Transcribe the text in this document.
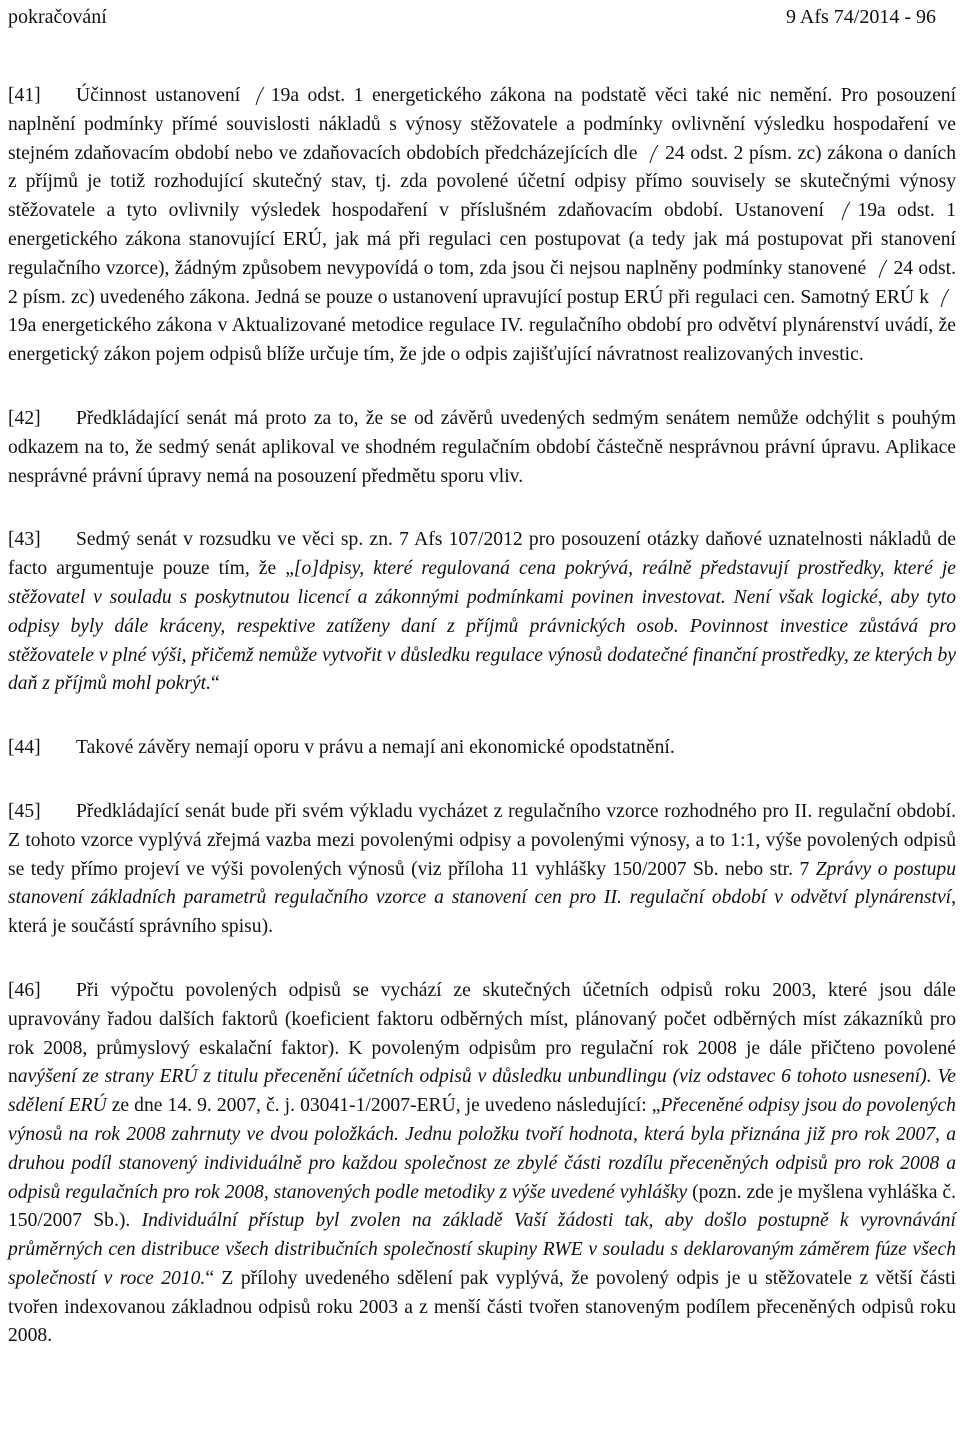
pokračování	9 Afs 74/2014 - 96

[41] Účinnost ustanovení 19a odst. 1 energetického zákona na podstatě věci také nic nemění. Pro posouzení naplnění podmínky přímé souvislosti nákladů s výnosy stěžovatele a podmínky ovlivnění výsledku hospodaření ve stejném zdaňovacím období nebo ve zdaňovacích obdobích předcházejících dle 24 odst. 2 písm. zc) zákona o daních z příjmů je totiž rozhodující skutečný stav, tj. zda povolené účetní odpisy přímo souvisely se skutečnými výnosy stěžovatele a tyto ovlivnily výsledek hospodaření v příslušném zdaňovacím období. Ustanovení 19a odst. 1 energetického zákona stanovující ERÚ, jak má při regulaci cen postupovat (a tedy jak má postupovat při stanovení regulačního vzorce), žádným způsobem nevypovídá o tom, zda jsou či nejsou naplněny podmínky stanovené 24 odst. 2 písm. zc) uvedeného zákona. Jedná se pouze o ustanovení upravující postup ERÚ při regulaci cen. Samotný ERÚ k
19a energetického zákona v Aktualizované metodice regulace IV. regulačního období pro odvětví plynárenství uvádí, že energetický zákon pojem odpisů blíže určuje tím, že jde o odpis zajišťující návratnost realizovaných investic.

[42] Předkládající senát má proto za to, že se od závěrů uvedených sedmým senátem nemůže odchýlit s pouhým odkazem na to, že sedmý senát aplikoval ve shodném regulačním období částečně nesprávnou právní úpravu. Aplikace nesprávné právní úpravy nemá na posouzení předmětu sporu vliv.

[43] Sedmý senát v rozsudku ve věci sp. zn. 7 Afs 107/2012 pro posouzení otázky daňové uznatelnosti nákladů de facto argumentuje pouze tím, že „[o]dpisy, které regulovaná cena pokrývá, reálně představují prostředky, které je stěžovatel v souladu s poskytnutou licencí a zákonnými podmínkami povinen investovat. Není však logické, aby tyto odpisy byly dále kráceny, respektive zatíženy daní z příjmů právnických osob. Povinnost investice zůstává pro stěžovatele v plné výši, přičemž nemůže vytvořit v důsledku regulace výnosů dodatečné finanční prostředky, ze kterých by daň z příjmů mohl pokrýt.“

[44] Takové závěry nemají oporu v právu a nemají ani ekonomické opodstatnění.

[45] Předkládající senát bude při svém výkladu vycházet z regulačního vzorce rozhodného pro II. regulační období. Z tohoto vzorce vyplývá zřejmá vazba mezi povolenými odpisy a povolenými výnosy, a to 1:1, výše povolených odpisů se tedy přímo projeví ve výši povolených výnosů (viz příloha 11 vyhlášky 150/2007 Sb. nebo str. 7 Zprávy o postupu stanovení základních parametrů regulačního vzorce a stanovení cen pro II. regulační období v odvětví plynárenství, která je součástí správního spisu).

[46] Při výpočtu povolených odpisů se vychází ze skutečných účetních odpisů roku 2003, které jsou dále upravovány řadou dalších faktorů (koeficient faktoru odběrných míst, plánovaný počet odběrných míst zákazníků pro rok 2008, průmyslový eskalační faktor). K povoleným odpisům pro regulační rok 2008 je dále přičteno povolené navýšení ze strany ERÚ z titulu přecenění účetních odpisů v důsledku unbundlingu (viz odstavec 6 tohoto usnesení). Ve sdělení ERÚ ze dne 14. 9. 2007, č. j. 03041-1/2007-ERÚ, je uvedeno následující: „Přeceněné odpisy jsou do povolených výnosů na rok 2008 zahrnuty ve dvou položkách. Jednu položku tvoří hodnota, která byla přiznána již pro rok 2007, a druhou podíl stanovený individuálně pro každou společnost ze zbylé části rozdílu přeceněných odpisů pro rok 2008 a odpisů regulačních pro rok 2008, stanovených podle metodiky z výše uvedené vyhlášky (pozn. zde je myšlena vyhláška č. 150/2007 Sb.). Individuální přístup byl zvolen na základě Vaší žádosti tak, aby došlo postupně k vyrovnávání průměrných cen distribuce všech distribučních společností skupiny RWE v souladu s deklarovaným záměrem fúze všech společností v roce 2010.“ Z přílohy uvedeného sdělení pak vyplývá, že povolený odpis je u stěžovatele z větší části tvořen indexovanou základnou odpisů roku 2003 a z menší části tvořen stanoveným podílem přeceněných odpisů roku 2008.
